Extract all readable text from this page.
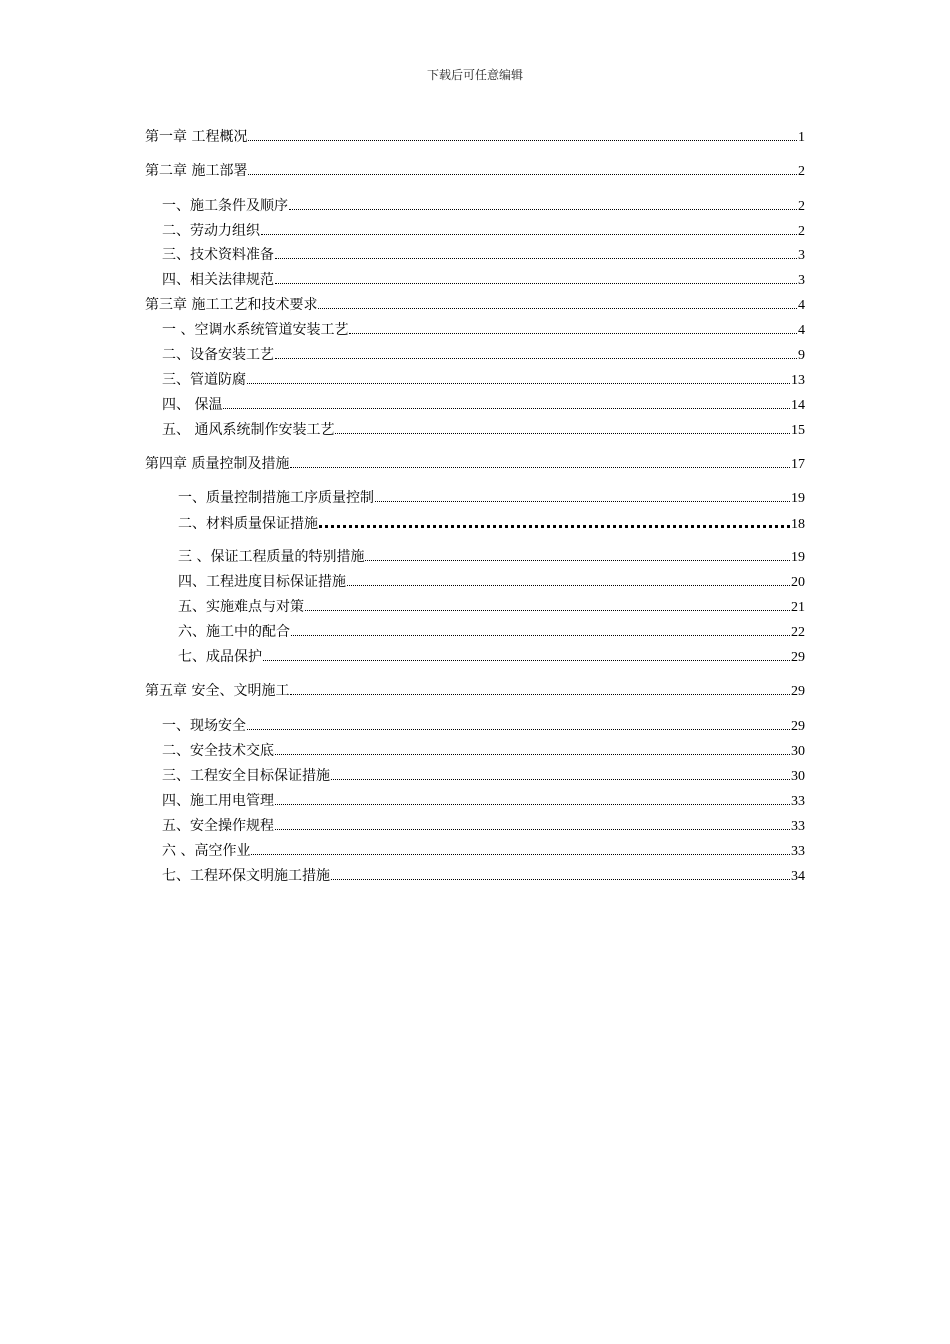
下载后可任意编辑
第一章 工程概况	1
第二章 施工部署	2
一、施工条件及顺序	2
二、劳动力组织	2
三、技术资料准备	3
四、相关法律规范	3
第三章 施工工艺和技术要求	4
一 、空调水系统管道安装工艺	4
二、设备安装工艺	9
三、管道防腐	13
四、 保温	14
五、 通风系统制作安装工艺	15
第四章 质量控制及措施	17
一、质量控制措施工序质量控制	19
二、材料质量保证措施	18
三 、保证工程质量的特别措施	19
四、工程进度目标保证措施	20
五、实施难点与对策	21
六、施工中的配合	22
七、成品保护	29
第五章 安全、文明施工	29
一、现场安全	29
二、安全技术交底	30
三、工程安全目标保证措施	30
四、施工用电管理	33
五、安全操作规程	33
六 、高空作业	33
七、工程环保文明施工措施	34
